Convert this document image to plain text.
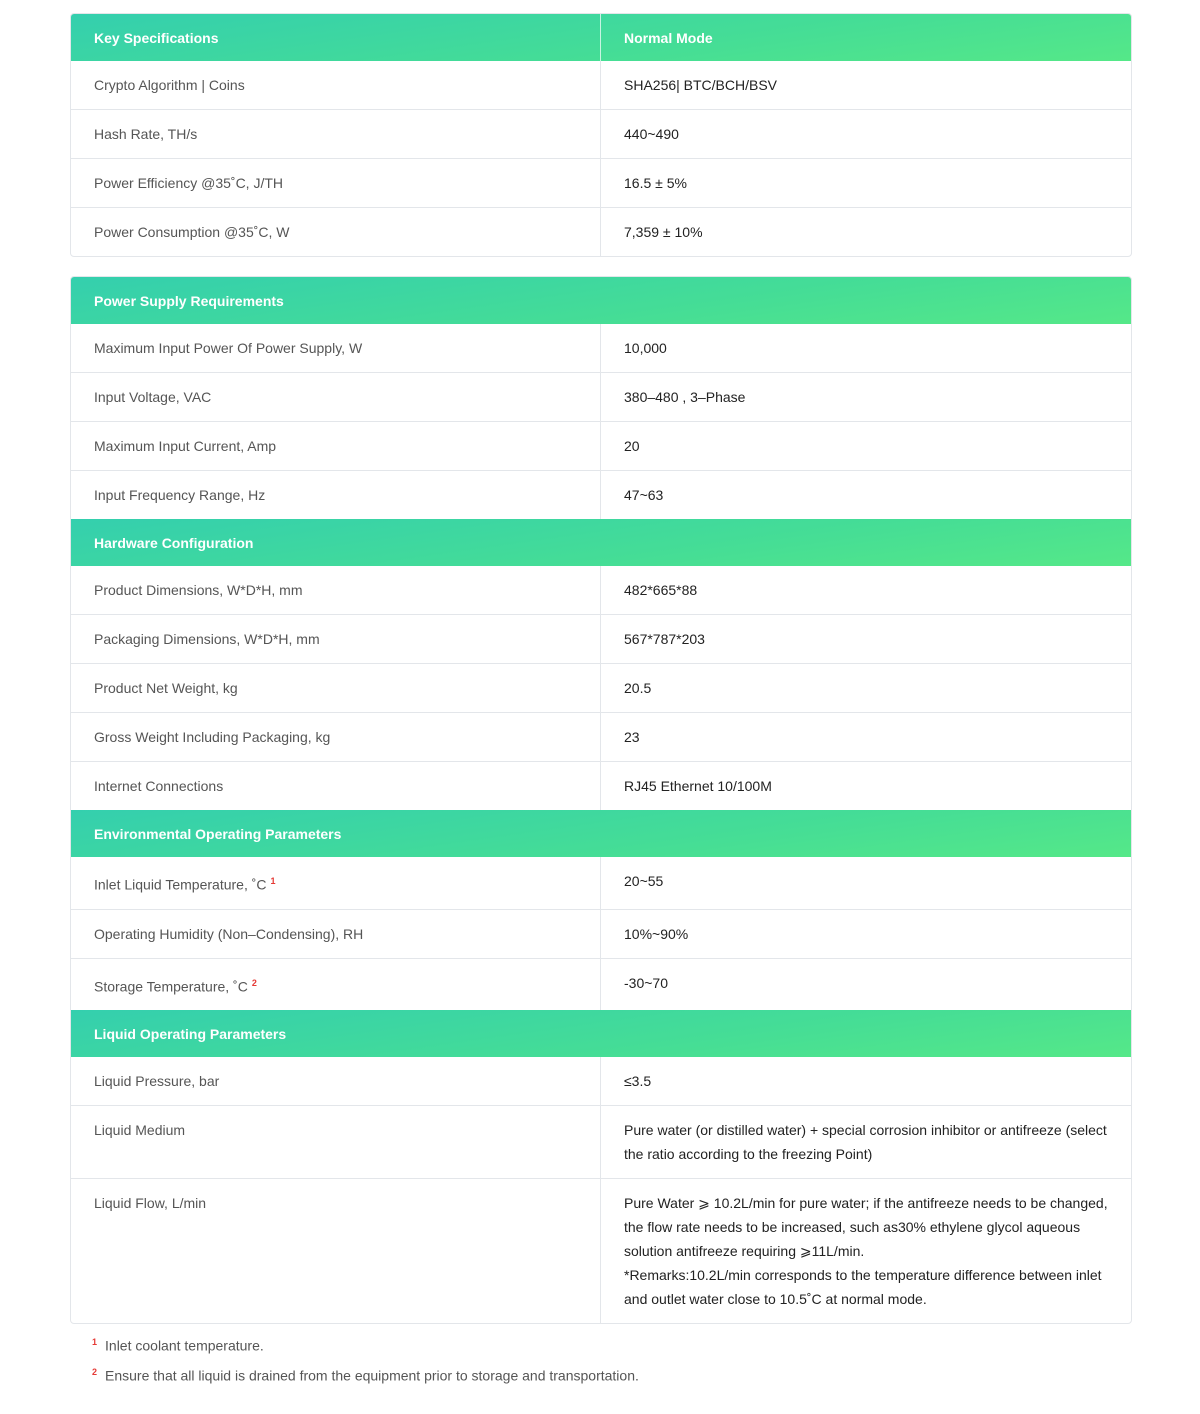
Key Specifications	Normal Mode
Crypto Algorithm | Coins	SHA256| BTC/BCH/BSV
Hash Rate, TH/s	440~490
Power Efficiency @35˚C, J/TH	16.5 ± 5%
Power Consumption @35˚C, W	7,359 ± 10%
Power Supply Requirements
Maximum Input Power Of Power Supply, W	10,000
Input Voltage, VAC	380–480 , 3–Phase
Maximum Input Current, Amp	20
Input Frequency Range, Hz	47~63
Hardware Configuration
Product Dimensions, W*D*H, mm	482*665*88
Packaging Dimensions, W*D*H, mm	567*787*203
Product Net Weight, kg	20.5
Gross Weight Including Packaging, kg	23
Internet Connections	RJ45 Ethernet 10/100M
Environmental Operating Parameters
Inlet Liquid Temperature, ˚C $^1$	20~55
Operating Humidity (Non–Condensing), RH	10%~90%
Storage Temperature, ˚C $^2$	-30~70
Liquid Operating Parameters
Liquid Pressure, bar	≤3.5
Liquid Medium	Pure water (or distilled water) + special corrosion inhibitor or antifreeze (select the ratio according to the freezing Point)
Liquid Flow, L/min	Pure Water ⩾ 10.2L/min for pure water; if the antifreeze needs to be changed, the flow rate needs to be increased, such as30% ethylene glycol aqueous solution antifreeze requiring ⩾11L/min.
*Remarks:10.2L/min corresponds to the temperature difference between inlet and outlet water close to 10.5˚C at normal mode.
$^1$ Inlet coolant temperature.
$^2$ Ensure that all liquid is drained from the equipment prior to storage and transportation.
